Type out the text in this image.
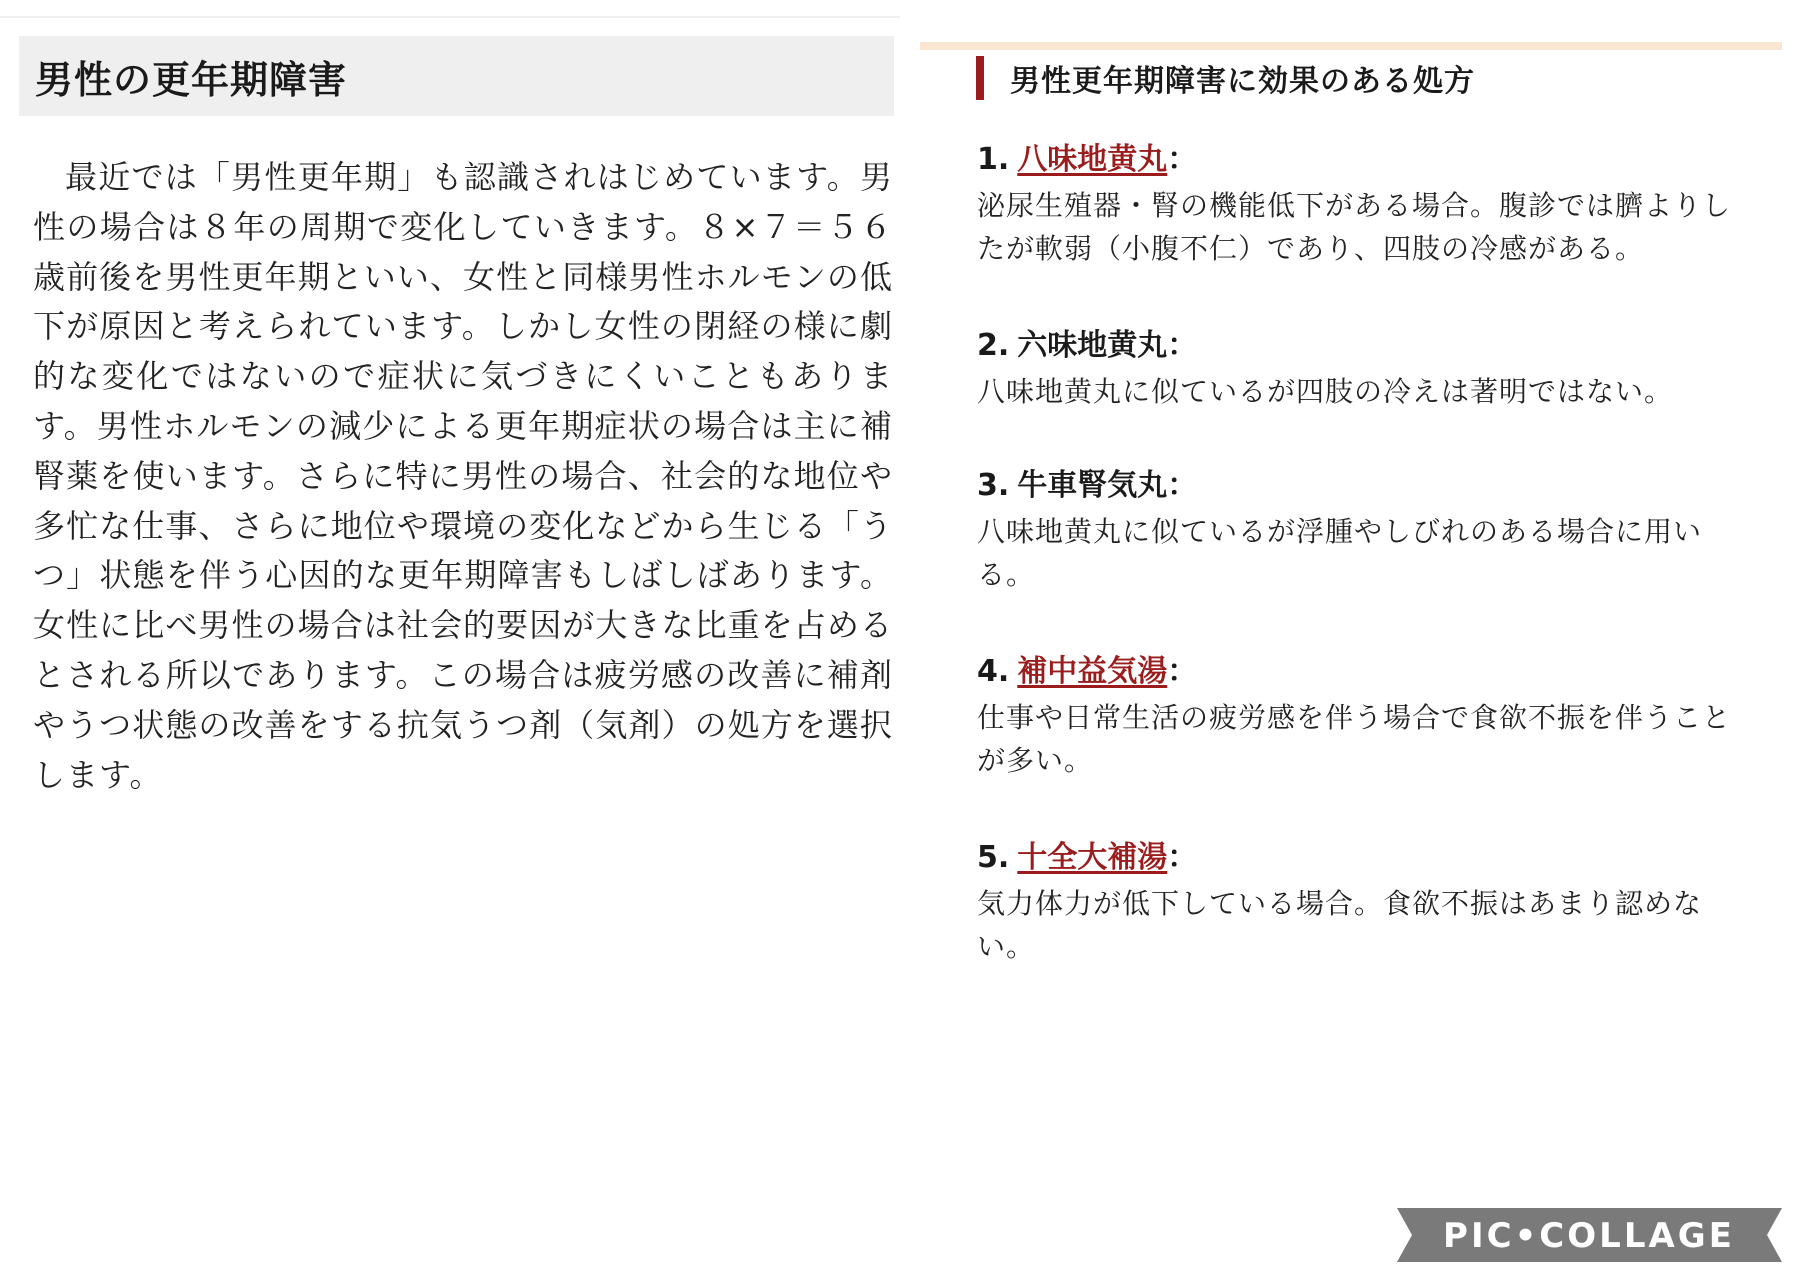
男性の更年期障害

最近では「男性更年期」も認識されはじめています。男性の場合は８年の周期で変化していきます。８×７＝５６歳前後を男性更年期といい、女性と同様男性ホルモンの低下が原因と考えられています。しかし女性の閉経の様に劇的な変化ではないので症状に気づきにくいこともあります。男性ホルモンの減少による更年期症状の場合は主に補腎薬を使います。さらに特に男性の場合、社会的な地位や多忙な仕事、さらに地位や環境の変化などから生じる「うつ」状態を伴う心因的な更年期障害もしばしばあります。女性に比べ男性の場合は社会的要因が大きな比重を占めるとされる所以であります。この場合は疲労感の改善に補剤やうつ状態の改善をする抗気うつ剤（気剤）の処方を選択します。

男性更年期障害に効果のある処方
1. 八味地黄丸：
泌尿生殖器・腎の機能低下がある場合。腹診では臍よりしたが軟弱（小腹不仁）であり、四肢の冷感がある。
2. 六味地黄丸：
八味地黄丸に似ているが四肢の冷えは著明ではない。
3. 牛車腎気丸：
八味地黄丸に似ているが浮腫やしびれのある場合に用いる。
4. 補中益気湯：
仕事や日常生活の疲労感を伴う場合で食欲不振を伴うことが多い。
5. 十全大補湯：
気力体力が低下している場合。食欲不振はあまり認めない。
PIC•COLLAGE
